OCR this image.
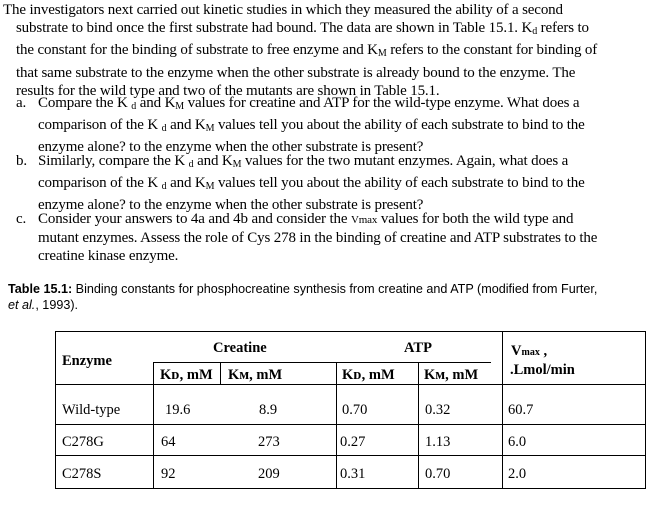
The investigators next carried out kinetic studies in which they measured the ability of a second
substrate to bind once the first substrate had bound. The data are shown in Table 15.1. $K_d$ refers to
the constant for the binding of substrate to free enzyme and $K_M$ refers to the constant for binding of
that same substrate to the enzyme when the other substrate is already bound to the enzyme. The
results for the wild type and two of the mutants are shown in Table 15.1.
a. Compare the K $_d$ and $K_M$ values for creatine and ATP for the wild-type enzyme. What does a
comparison of the K $_d$ and $K_M$ values tell you about the ability of each substrate to bind to the
enzyme alone? to the enzyme when the other substrate is present?
b. Similarly, compare the K $_d$ and $K_M$ values for the two mutant enzymes. Again, what does a
comparison of the K $_d$ and $K_M$ values tell you about the ability of each substrate to bind to the
enzyme alone? to the enzyme when the other substrate is present?
c. Consider your answers to 4a and 4b and consider the Vmax values for both the wild type and
mutant enzymes. Assess the role of Cys 278 in the binding of creatine and ATP substrates to the
creatine kinase enzyme.
Table 15.1: Binding constants for phosphocreatine synthesis from creatine and ATP (modified from Furter,
et al., 1993).
Enzyme
Creatine	ATP	Vmax ,
.Lmol/min
Kᴅ, mM Kᴍ, mM	Kᴅ, mM Kᴍ, mM
Wild-type	19.6	8.9	0.70	0.32	60.7
C278G	64	273	0.27	1.13	6.0
C278S	92	209	0.31	0.70	2.0
